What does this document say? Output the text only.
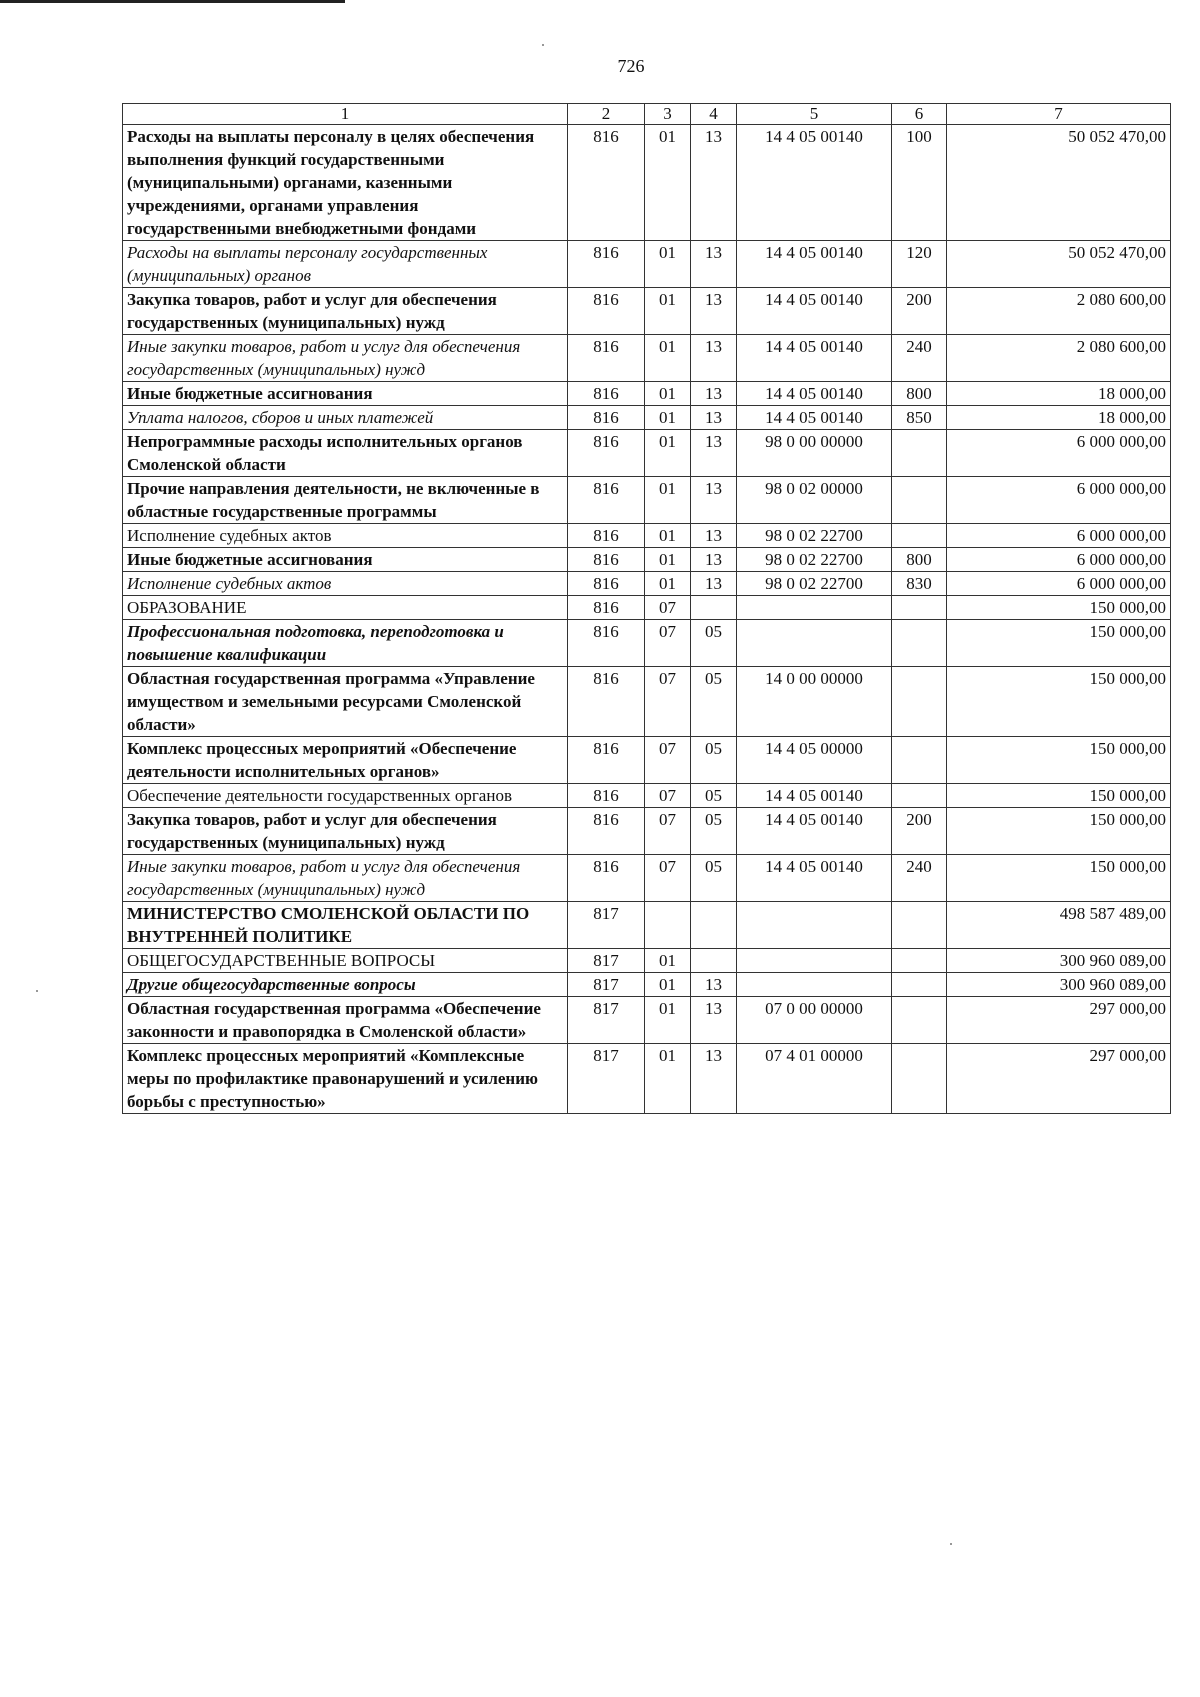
726
1	2	3	4	5	6	7
Расходы на выплаты персоналу в целях обеспечения выполнения функций государственными (муниципальными) органами, казенными учреждениями, органами управления государственными внебюджетными фондами	816	01	13	14 4 05 00140	100	50 052 470,00
Расходы на выплаты персоналу государственных (муниципальных) органов	816	01	13	14 4 05 00140	120	50 052 470,00
Закупка товаров, работ и услуг для обеспечения государственных (муниципальных) нужд	816	01	13	14 4 05 00140	200	2 080 600,00
Иные закупки товаров, работ и услуг для обеспечения государственных (муниципальных) нужд	816	01	13	14 4 05 00140	240	2 080 600,00
Иные бюджетные ассигнования	816	01	13	14 4 05 00140	800	18 000,00
Уплата налогов, сборов и иных платежей	816	01	13	14 4 05 00140	850	18 000,00
Непрограммные расходы исполнительных органов Смоленской области	816	01	13	98 0 00 00000		6 000 000,00
Прочие направления деятельности, не включенные в областные государственные программы	816	01	13	98 0 02 00000		6 000 000,00
Исполнение судебных актов	816	01	13	98 0 02 22700		6 000 000,00
Иные бюджетные ассигнования	816	01	13	98 0 02 22700	800	6 000 000,00
Исполнение судебных актов	816	01	13	98 0 02 22700	830	6 000 000,00
ОБРАЗОВАНИЕ	816	07				150 000,00
Профессиональная подготовка, переподготовка и повышение квалификации	816	07	05			150 000,00
Областная государственная программа «Управление имуществом и земельными ресурсами Смоленской области»	816	07	05	14 0 00 00000		150 000,00
Комплекс процессных мероприятий «Обеспечение деятельности исполнительных органов»	816	07	05	14 4 05 00000		150 000,00
Обеспечение деятельности государственных органов	816	07	05	14 4 05 00140		150 000,00
Закупка товаров, работ и услуг для обеспечения государственных (муниципальных) нужд	816	07	05	14 4 05 00140	200	150 000,00
Иные закупки товаров, работ и услуг для обеспечения государственных (муниципальных) нужд	816	07	05	14 4 05 00140	240	150 000,00
МИНИСТЕРСТВО СМОЛЕНСКОЙ ОБЛАСТИ ПО ВНУТРЕННЕЙ ПОЛИТИКЕ	817					498 587 489,00
ОБЩЕГОСУДАРСТВЕННЫЕ ВОПРОСЫ	817	01				300 960 089,00
Другие общегосударственные вопросы	817	01	13			300 960 089,00
Областная государственная программа «Обеспечение законности и правопорядка в Смоленской области»	817	01	13	07 0 00 00000		297 000,00
Комплекс процессных мероприятий «Комплексные меры по профилактике правонарушений и усилению борьбы с преступностью»	817	01	13	07 4 01 00000		297 000,00
